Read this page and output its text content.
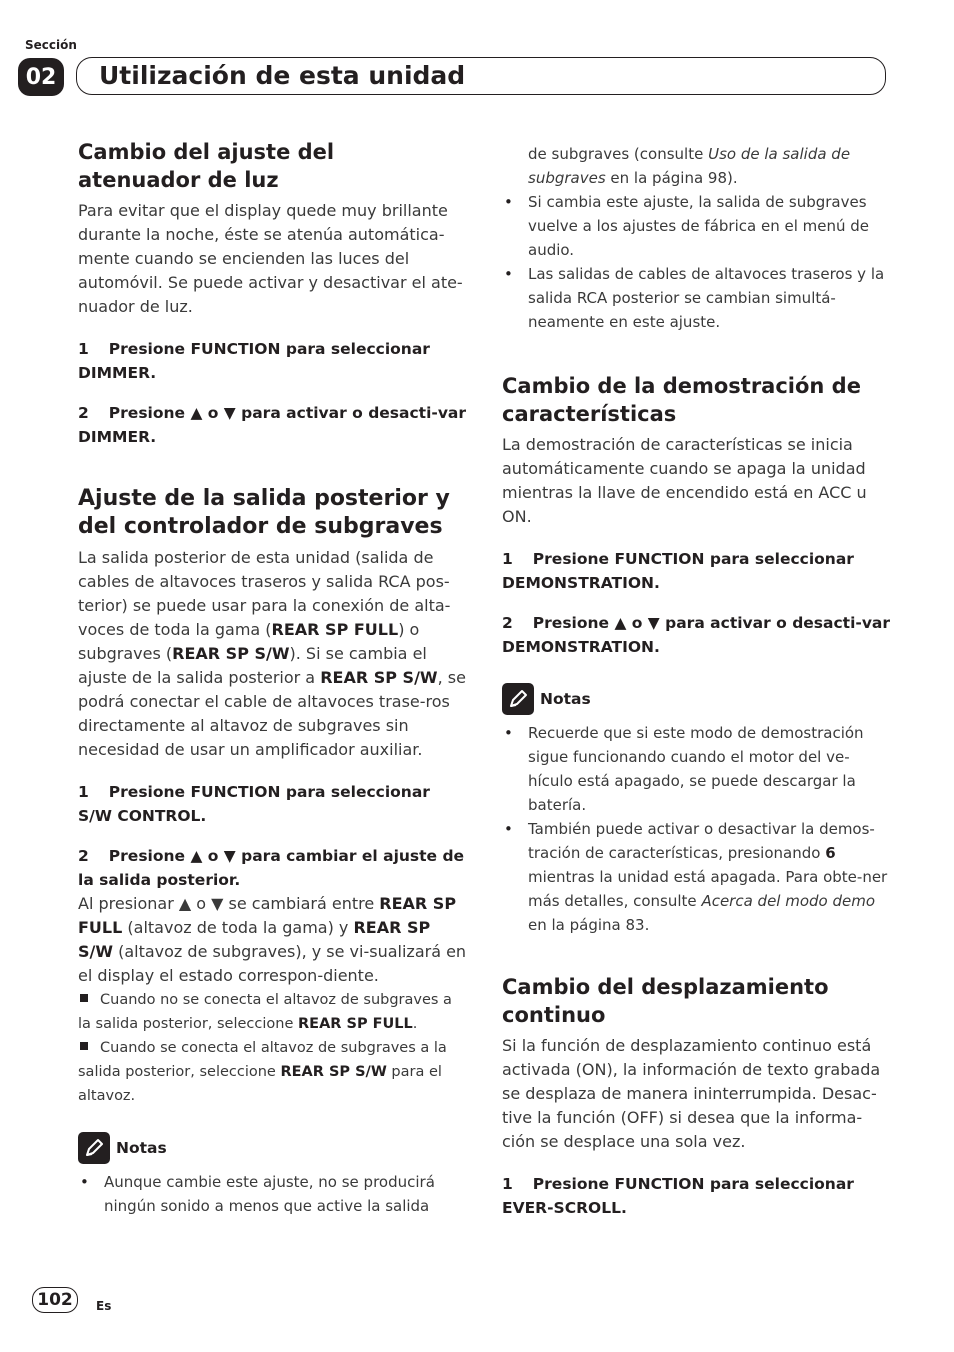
Sección
02	Utilización de esta unidad
Cambio del ajuste del atenuador de luz

Para evitar que el display quede muy brillante durante la noche, éste se atenúa automática-mente cuando se encienden las luces del automóvil. Se puede activar y desactivar el ate-nuador de luz.

1 Presione FUNCTION para seleccionar DIMMER.

2 Presione ▲ o ▼ para activar o desacti-var DIMMER.

Ajuste de la salida posterior y del controlador de subgraves

La salida posterior de esta unidad (salida de cables de altavoces traseros y salida RCA pos-terior) se puede usar para la conexión de alta-voces de toda la gama (REAR SP FULL) o subgraves (REAR SP S/W). Si se cambia el ajuste de la salida posterior a REAR SP S/W, se podrá conectar el cable de altavoces trase-ros directamente al altavoz de subgraves sin necesidad de usar un amplificador auxiliar.

1 Presione FUNCTION para seleccionar S/W CONTROL.

2 Presione ▲ o ▼ para cambiar el ajuste de la salida posterior.

Al presionar ▲ o ▼ se cambiará entre REAR SP FULL (altavoz de toda la gama) y REAR SP S/W (altavoz de subgraves), y se vi-sualizará en el display el estado correspon-diente.

Cuando no se conecta el altavoz de subgraves a la salida posterior, seleccione REAR SP FULL.

Cuando se conecta el altavoz de subgraves a la salida posterior, seleccione REAR SP S/W para el altavoz.

Notas
• Aunque cambie este ajuste, no se producirá ningún sonido a menos que active la salida
de subgraves (consulte Uso de la salida de subgraves en la página 98).
• Si cambia este ajuste, la salida de subgraves vuelve a los ajustes de fábrica en el menú de audio.
• Las salidas de cables de altavoces traseros y la salida RCA posterior se cambian simultá-neamente en este ajuste.
Cambio de la demostración de características

La demostración de características se inicia automáticamente cuando se apaga la unidad mientras la llave de encendido está en ACC u ON.

1 Presione FUNCTION para seleccionar DEMONSTRATION.

2 Presione ▲ o ▼ para activar o desacti-var DEMONSTRATION.

Notas
• Recuerde que si este modo de demostración sigue funcionando cuando el motor del ve-hículo está apagado, se puede descargar la batería.
• También puede activar o desactivar la demos-tración de características, presionando 6 mientras la unidad está apagada. Para obte-ner más detalles, consulte Acerca del modo demo en la página 83.
Cambio del desplazamiento continuo

Si la función de desplazamiento continuo está activada (ON), la información de texto grabada se desplaza de manera ininterrumpida. Desac-tive la función (OFF) si desea que la informa-ción se desplace una sola vez.

1 Presione FUNCTION para seleccionar EVER-SCROLL.

102	Es
